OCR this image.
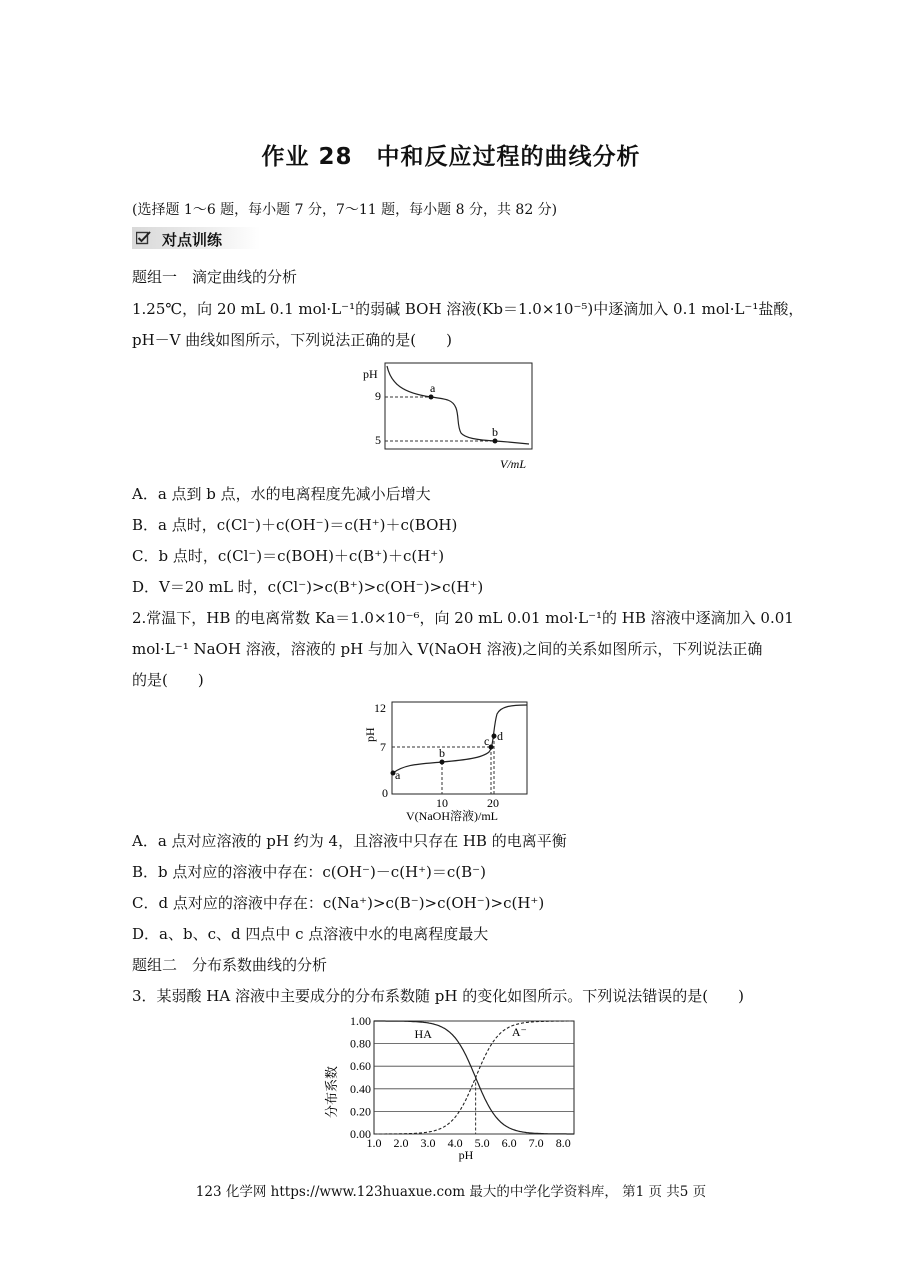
作业 28　中和反应过程的曲线分析
(选择题 1～6 题，每小题 7 分，7～11 题，每小题 8 分，共 82 分)
对点训练
题组一　滴定曲线的分析
1.25℃，向 20 mL 0.1 mol·L⁻¹的弱碱 BOH 溶液(Kb＝1.0×10⁻⁵)中逐滴加入 0.1 mol·L⁻¹盐酸，
pH－V 曲线如图所示，下列说法正确的是(　　)
pH
9
5
a
b
V/mL
A．a 点到 b 点，水的电离程度先减小后增大
B．a 点时，c(Cl⁻)＋c(OH⁻)＝c(H⁺)＋c(BOH)
C．b 点时，c(Cl⁻)＝c(BOH)＋c(B⁺)＋c(H⁺)
D．V＝20 mL 时，c(Cl⁻)>c(B⁺)>c(OH⁻)>c(H⁺)
2.常温下，HB 的电离常数 Ka＝1.0×10⁻⁶，向 20 mL 0.01 mol·L⁻¹的 HB 溶液中逐滴加入 0.01
mol·L⁻¹ NaOH 溶液，溶液的 pH 与加入 V(NaOH 溶液)之间的关系如图所示，下列说法正确
的是(　　)
12
7
0
pH
a
b
c d
10	20
V(NaOH溶液)/mL
A．a 点对应溶液的 pH 约为 4，且溶液中只存在 HB 的电离平衡
B．b 点对应的溶液中存在：c(OH⁻)－c(H⁺)＝c(B⁻)
C．d 点对应的溶液中存在：c(Na⁺)>c(B⁻)>c(OH⁻)>c(H⁺)
D．a、b、c、d 四点中 c 点溶液中水的电离程度最大
题组二　分布系数曲线的分析
3．某弱酸 HA 溶液中主要成分的分布系数随 pH 的变化如图所示。下列说法错误的是(　　)
1.00
0.80
0.60
0.40
0.20
0.00
1.0 2.0 3.0 4.0 5.0 6.0 7.0 8.0
HA	A⁻
分布系数
pH
123 化学网 https://www.123huaxue.com 最大的中学化学资料库， 第1 页 共5 页
